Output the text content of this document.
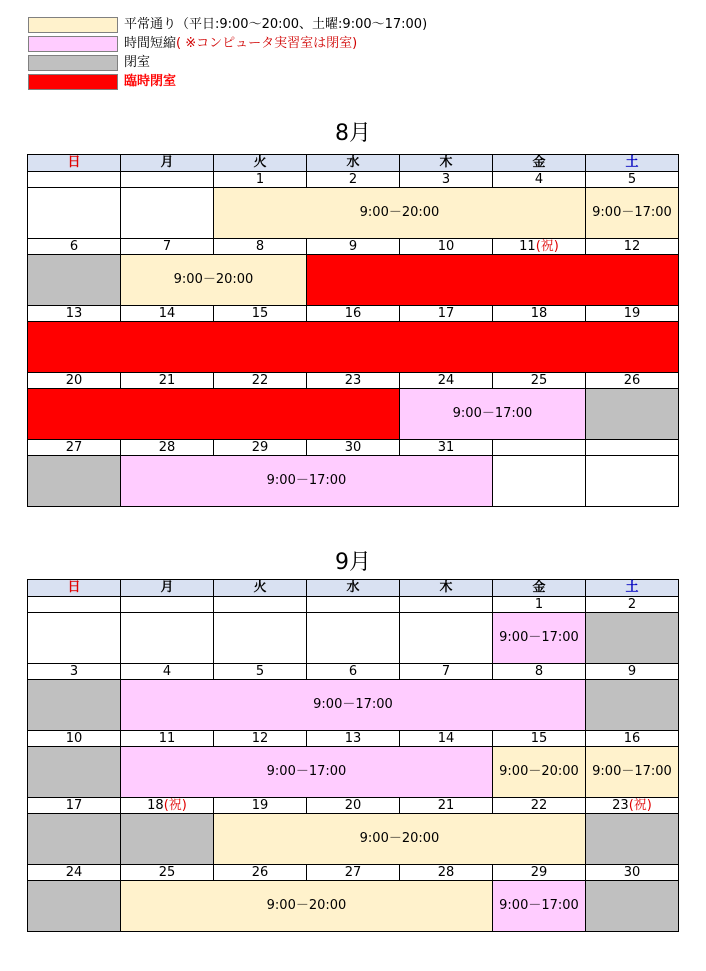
平常通り（平日:9:00～20:00、土曜:9:00～17:00)
時間短縮( ※コンピュータ実習室は閉室)
閉室
臨時閉室
8月
日	月	火	水	木	金	土
		1	2	3	4	5
		9:00－20:00				9:00－17:00
6	7	8	9	10	11(祝)	12
	9:00－20:00					
13	14	15	16	17	18	19

20	21	22	23	24	25	26
				9:00－17:00		
27	28	29	30	31		
	9:00－17:00					
9月
日	月	火	水	木	金	土
					1	2
					9:00－17:00	
3	4	5	6	7	8	9
	9:00－17:00					
10	11	12	13	14	15	16
	9:00－17:00				9:00－20:00	9:00－17:00
17	18(祝)	19	20	21	22	23(祝)
		9:00－20:00				
24	25	26	27	28	29	30
	9:00－20:00				9:00－17:00	
